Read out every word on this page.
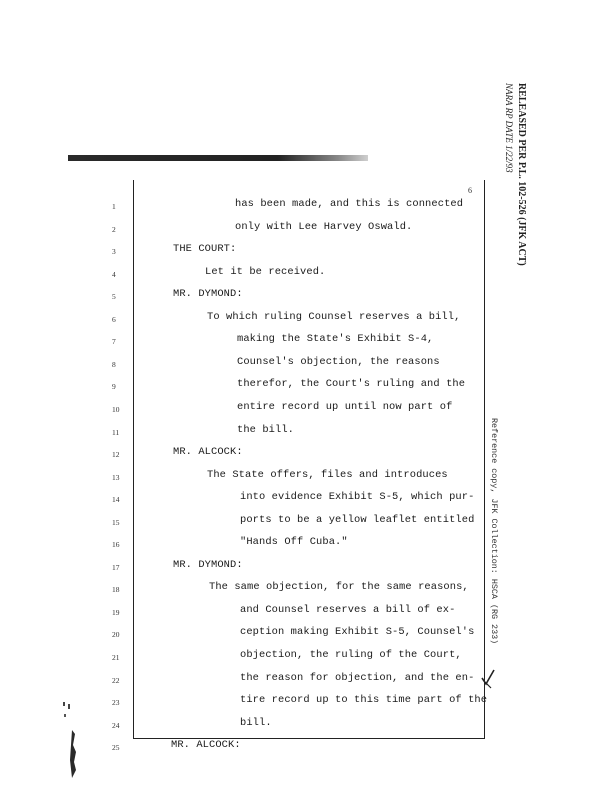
RELEASED PER P.L. 102-526 (JFK ACT)
NARA RP DATE 1/22/93
6
Reference copy, JFK Collection: HSCA (RG 233)
1	has been made, and this is connected
2	only with Lee Harvey Oswald.
3	THE COURT:
4	Let it be received.
5	MR. DYMOND:
6	To which ruling Counsel reserves a bill,
7	making the State's Exhibit S-4,
8	Counsel's objection, the reasons
9	therefor, the Court's ruling and the
10	entire record up until now part of
11	the bill.
12	MR. ALCOCK:
13	The State offers, files and introduces
14	into evidence Exhibit S-5, which pur-
15	ports to be a yellow leaflet entitled
16	"Hands Off Cuba."
17	MR. DYMOND:
18	The same objection, for the same reasons,
19	and Counsel reserves a bill of ex-
20	ception making Exhibit S-5, Counsel's
21	objection, the ruling of the Court,
22	the reason for objection, and the en-
23	tire record up to this time part of the
24	bill.
25	MR. ALCOCK:
